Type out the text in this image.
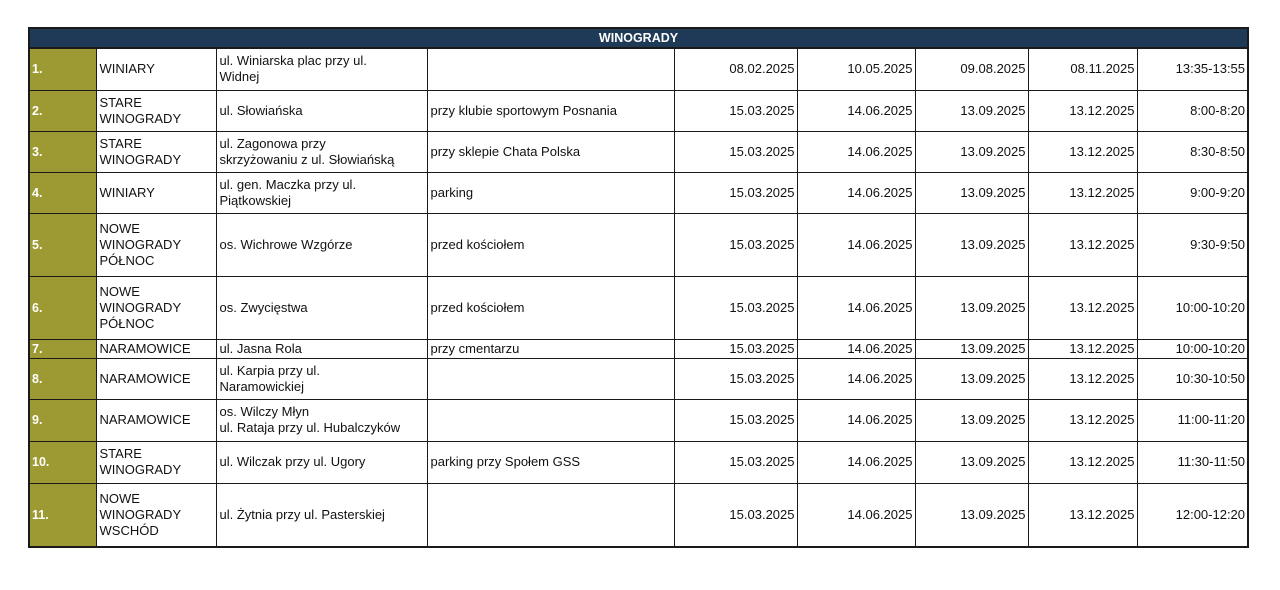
WINOGRADY								
1.	WINIARY	ul. Winiarska plac przy ul.
Widnej		08.02.2025	10.05.2025	09.08.2025	08.11.2025	13:35-13:55
2.	STARE
WINOGRADY	ul. Słowiańska	przy klubie sportowym Posnania	15.03.2025	14.06.2025	13.09.2025	13.12.2025	8:00-8:20
3.	STARE
WINOGRADY	ul. Zagonowa przy
skrzyżowaniu z ul. Słowiańską	przy sklepie Chata Polska	15.03.2025	14.06.2025	13.09.2025	13.12.2025	8:30-8:50
4.	WINIARY	ul. gen. Maczka przy ul.
Piątkowskiej	parking	15.03.2025	14.06.2025	13.09.2025	13.12.2025	9:00-9:20
5.	NOWE
WINOGRADY
PÓŁNOC	os. Wichrowe Wzgórze	przed kościołem	15.03.2025	14.06.2025	13.09.2025	13.12.2025	9:30-9:50
6.	NOWE
WINOGRADY
PÓŁNOC	os. Zwycięstwa	przed kościołem	15.03.2025	14.06.2025	13.09.2025	13.12.2025	10:00-10:20
7.	NARAMOWICE	ul. Jasna Rola	przy cmentarzu	15.03.2025	14.06.2025	13.09.2025	13.12.2025	10:00-10:20
8.	NARAMOWICE	ul. Karpia przy ul.
Naramowickiej		15.03.2025	14.06.2025	13.09.2025	13.12.2025	10:30-10:50
9.	NARAMOWICE	os. Wilczy Młyn
ul. Rataja przy ul. Hubalczyków		15.03.2025	14.06.2025	13.09.2025	13.12.2025	11:00-11:20
10.	STARE
WINOGRADY	ul. Wilczak przy ul. Ugory	parking przy Społem GSS	15.03.2025	14.06.2025	13.09.2025	13.12.2025	11:30-11:50
11.	NOWE
WINOGRADY
WSCHÓD	ul. Żytnia przy ul. Pasterskiej		15.03.2025	14.06.2025	13.09.2025	13.12.2025	12:00-12:20
